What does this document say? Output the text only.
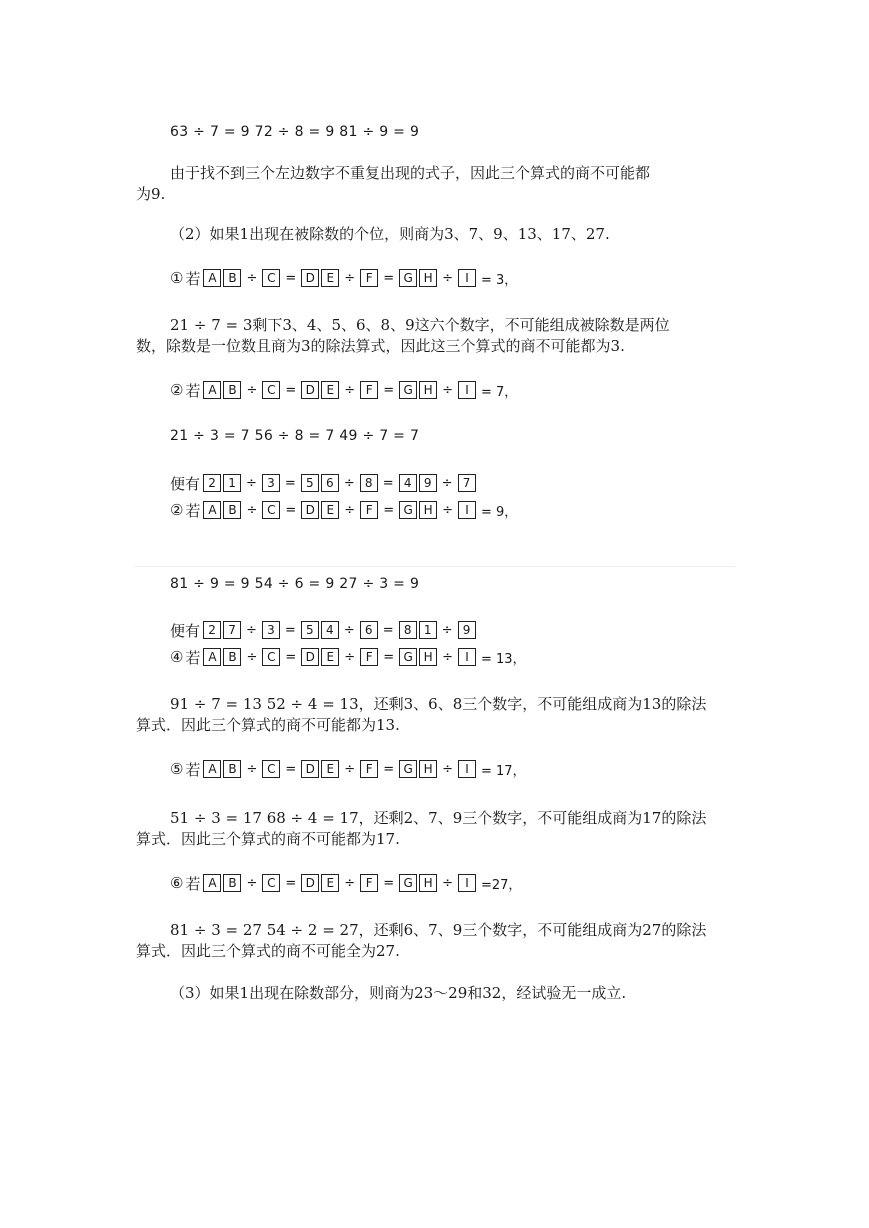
63 ÷ 7 = 9 72 ÷ 8 = 9 81 ÷ 9 = 9
由于找不到三个左边数字不重复出现的式子，因此三个算式的商不可能都
为9.
（2）如果1出现在被除数的个位，则商为3、7、9、13、17、27.
① 若 A B ÷ C = D E ÷ F = G H ÷	I = 3，
21 ÷ 7 = 3剩下3、4、5、6、8、9这六个数字，不可能组成被除数是两位
数，除数是一位数且商为3的除法算式，因此这三个算式的商不可能都为3.
② 若 A B ÷ C = D E ÷ F = G H ÷	I = 7，
21 ÷ 3 = 7 56 ÷ 8 = 7 49 ÷ 7 = 7
便有 2	1 ÷ 3 = 5	6 ÷ 8 = 4	9 ÷ 7
② 若 A B ÷ C = D E ÷ F = G H ÷	I = 9，
81 ÷ 9 = 9 54 ÷ 6 = 9 27 ÷ 3 = 9
便有 2	7 ÷ 3 = 5	4 ÷ 6 = 8	1 ÷ 9
④ 若 A B ÷ C = D E ÷ F = G H ÷	I = 13，
91 ÷ 7 = 13 52 ÷ 4 = 13，还剩3、6、8三个数字，不可能组成商为13的除法
算式．因此三个算式的商不可能都为13.
⑤ 若 A B ÷ C = D E ÷ F = G H ÷	I = 17，
51 ÷ 3 = 17 68 ÷ 4 = 17，还剩2、7、9三个数字，不可能组成商为17的除法
算式．因此三个算式的商不可能都为17.
⑥ 若 A B ÷ C = D E ÷ F = G H ÷	I =27，
81 ÷ 3 = 27 54 ÷ 2 = 27，还剩6、7、9三个数字，不可能组成商为27的除法
算式．因此三个算式的商不可能全为27.
（3）如果1出现在除数部分，则商为23～29和32，经试验无一成立.
